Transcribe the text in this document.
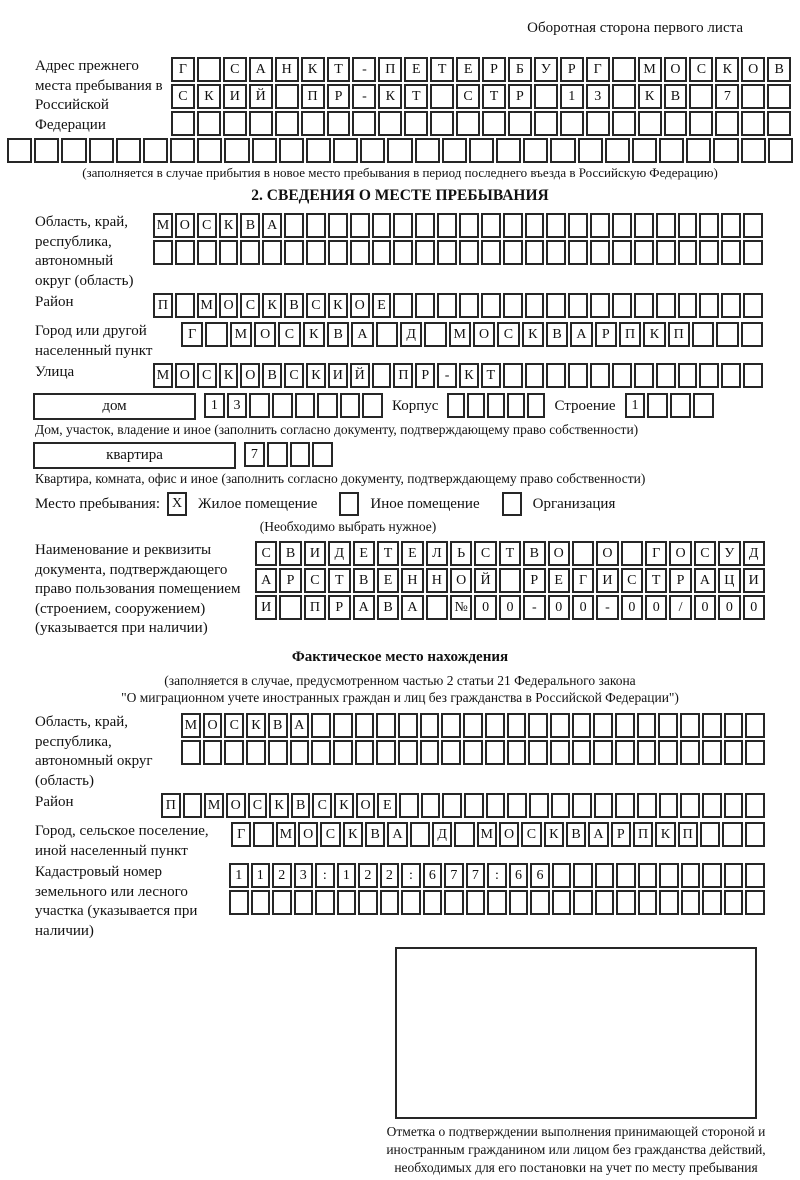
Оборотная сторона первого листа
Адрес прежнего места пребывания в Российской Федерации
Г	С	А	Н	К	Т	-	П	Е	Т	Е	Р	Б	У	Р	Г	М	О	С	К	О	В
С	К	И	Й	П	Р	-	К	Т	С	Т	Р	1	3	К	В	7
(заполняется в случае прибытия в новое место пребывания в период последнего въезда в Российскую Федерацию)
2. СВЕДЕНИЯ О МЕСТЕ ПРЕБЫВАНИЯ
Область, край, республика, автономный округ (область)
М О С К В А
Район	П	М О С К В С К О Е
Город или другой населенный пункт
Г	М О	С	К	В	А	Д	М О	С	К	В	А	Р	П	К	П
Улица	М О С К О В С К И Й	П Р	-	К Т
дом	1	3	Корпус	Строение	1
Дом, участок, владение и иное (заполнить согласно документу, подтверждающему право собственности)
квартира	7
Квартира, комната, офис и иное (заполнить согласно документу, подтверждающему право собственности)
Место пребывания: X	Жилое помещение	Иное помещение	Организация
(Необходимо выбрать нужное)
Наименование и реквизиты документа, подтверждающего право пользования помещением (строением, сооружением) (указывается при наличии)
С	В	И	Д	Е	Т	Е	Л	Ь	С	Т	В	О	О	Г	О	С	У	Д
А	Р	С	Т	В	Е	Н	Н	О	Й	Р	Е	Г	И	С	Т	Р	А	Ц	И
И	П	Р	А	В	А	№	0	0	-	0	0	-	0	0	/	0	0	0
Фактическое место нахождения
(заполняется в случае, предусмотренном частью 2 статьи 21 Федерального закона
"О миграционном учете иностранных граждан и лиц без гражданства в Российской Федерации")
Область, край, республика, автономный округ (область)
М О С К В А
Район	П	М О С К В С К О Е
Город, сельское поселение, иной населенный пункт
Г	М О С К В А	Д	М О С К В А Р П К П
Кадастровый номер земельного или лесного участка (указывается при наличии)
1	1	2	3	:	1	2	2	:	6	7	7	:	6	6
Отметка о подтверждении выполнения принимающей стороной и иностранным гражданином или лицом без гражданства действий, необходимых для его постановки на учет по месту пребывания
